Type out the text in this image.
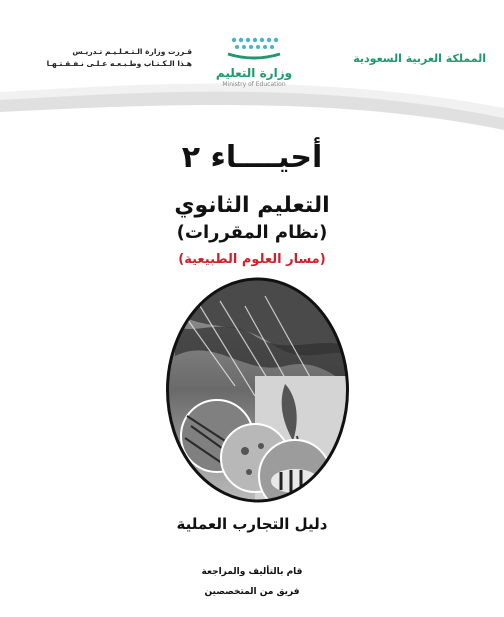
المملكة العربية السعودية
وزارة التعليم
Ministry of Education
قـررت وزارة الـتـعـلـيـم تـدريـس
هـذا الـكـتـاب وطـبـعـه عـلـى نـفـقـتـهـا
أحيــــاء ٢
التعليم الثانوي
(نظام المقررات)
(مسار العلوم الطبيعية)
دليل التجارب العملية
قام بالتأليف والمراجعة
فريق من المتخصصين
